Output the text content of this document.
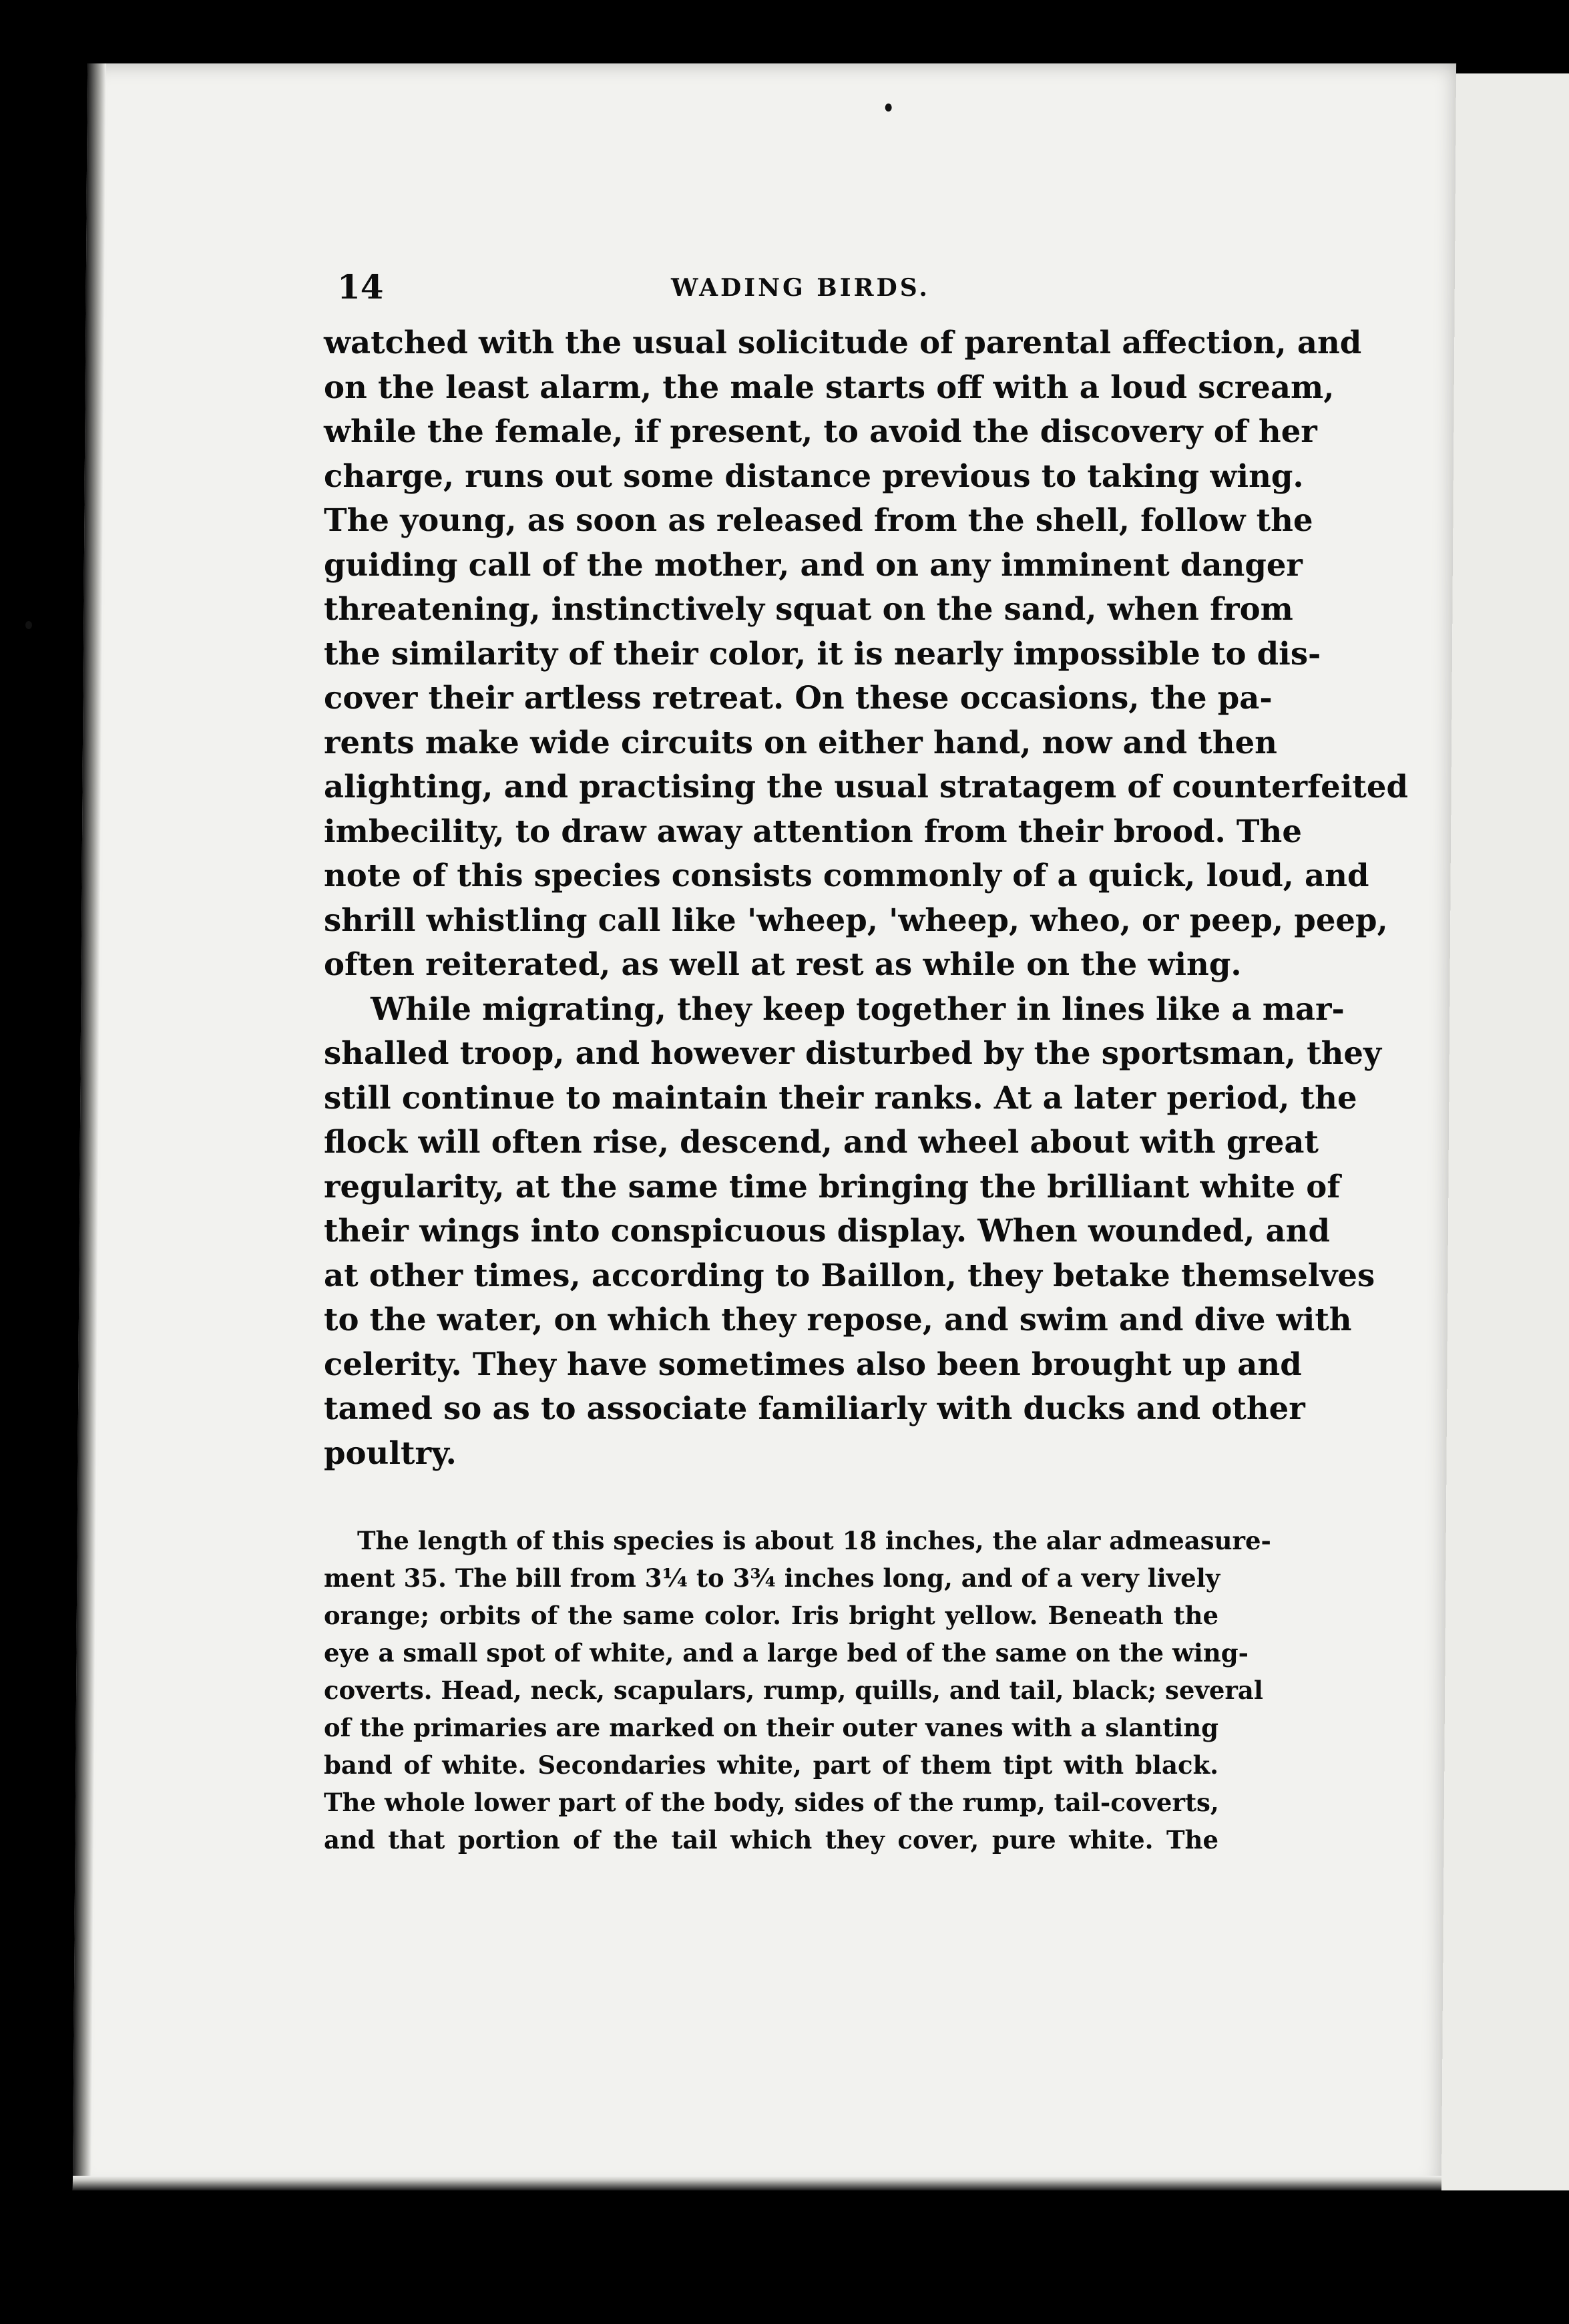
14	WADING BIRDS.
watched with the usual solicitude of parental affection, and
on the least alarm, the male starts off with a loud scream,
while the female, if present, to avoid the discovery of her
charge, runs out some distance previous to taking wing.
The young, as soon as released from the shell, follow the
guiding call of the mother, and on any imminent danger
threatening, instinctively squat on the sand, when from
the similarity of their color, it is nearly impossible to dis-
cover their artless retreat. On these occasions, the pa-
rents make wide circuits on either hand, now and then
alighting, and practising the usual stratagem of counterfeited
imbecility, to draw away attention from their brood. The
note of this species consists commonly of a quick, loud, and
shrill whistling call like 'wheep, 'wheep, wheo, or peep, peep,
often reiterated, as well at rest as while on the wing.
While migrating, they keep together in lines like a mar-
shalled troop, and however disturbed by the sportsman, they
still continue to maintain their ranks. At a later period, the
flock will often rise, descend, and wheel about with great
regularity, at the same time bringing the brilliant white of
their wings into conspicuous display. When wounded, and
at other times, according to Baillon, they betake themselves
to the water, on which they repose, and swim and dive with
celerity. They have sometimes also been brought up and
tamed so as to associate familiarly with ducks and other
poultry.
The length of this species is about 18 inches, the alar admeasure-
ment 35. The bill from 3¼ to 3¾ inches long, and of a very lively
orange; orbits of the same color. Iris bright yellow. Beneath the
eye a small spot of white, and a large bed of the same on the wing-
coverts. Head, neck, scapulars, rump, quills, and tail, black; several
of the primaries are marked on their outer vanes with a slanting
band of white. Secondaries white, part of them tipt with black.
The whole lower part of the body, sides of the rump, tail-coverts,
and that portion of the tail which they cover, pure white. The
